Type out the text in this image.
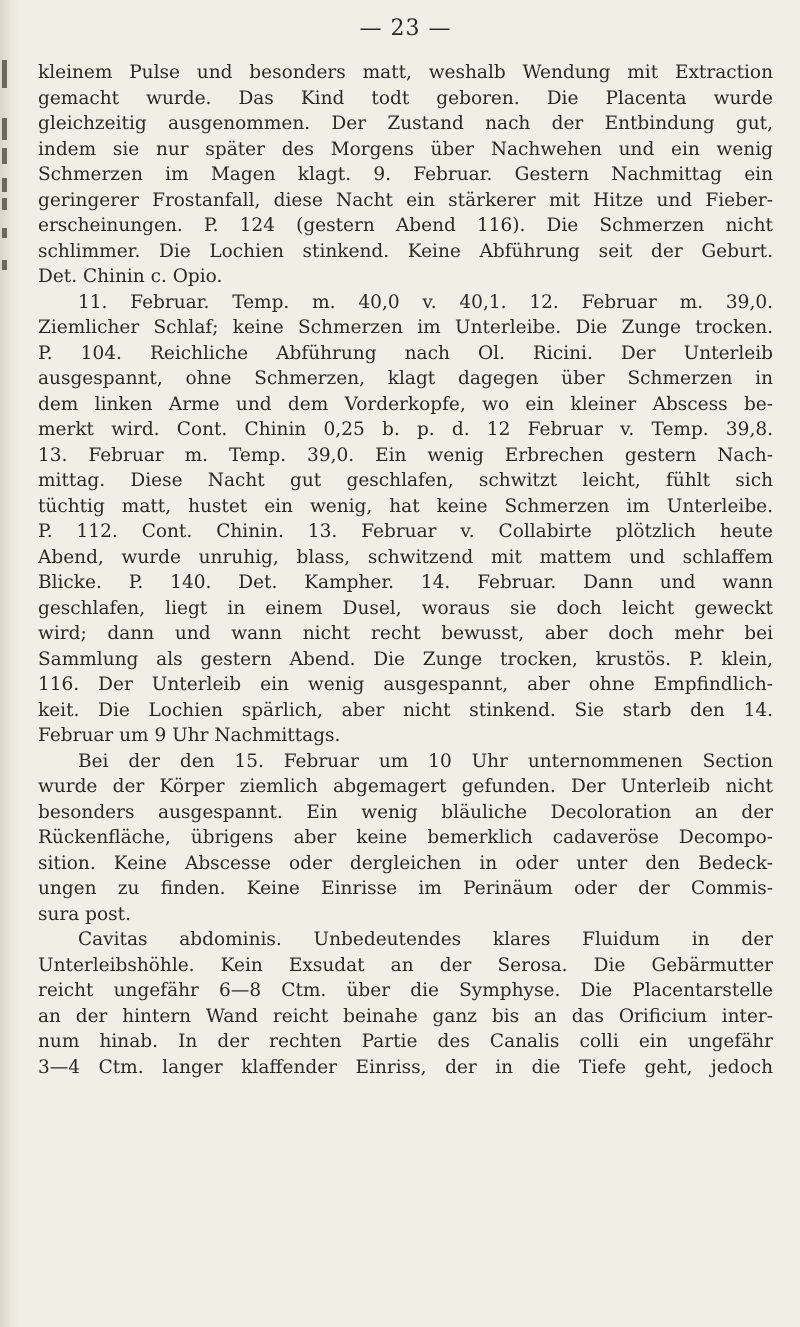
— 23 —
kleinem Pulse und besonders matt, weshalb Wendung mit Extraction
gemacht wurde. Das Kind todt geboren. Die Placenta wurde
gleichzeitig ausgenommen. Der Zustand nach der Entbindung gut,
indem sie nur später des Morgens über Nachwehen und ein wenig
Schmerzen im Magen klagt. 9. Februar. Gestern Nachmittag ein
geringerer Frostanfall, diese Nacht ein stärkerer mit Hitze und Fieber-
erscheinungen. P. 124 (gestern Abend 116). Die Schmerzen nicht
schlimmer. Die Lochien stinkend. Keine Abführung seit der Geburt.
Det. Chinin c. Opio.
11. Februar. Temp. m. 40,0 v. 40,1. 12. Februar m. 39,0.
Ziemlicher Schlaf; keine Schmerzen im Unterleibe. Die Zunge trocken.
P. 104. Reichliche Abführung nach Ol. Ricini. Der Unterleib
ausgespannt, ohne Schmerzen, klagt dagegen über Schmerzen in
dem linken Arme und dem Vorderkopfe, wo ein kleiner Abscess be-
merkt wird. Cont. Chinin 0,25 b. p. d. 12 Februar v. Temp. 39,8.
13. Februar m. Temp. 39,0. Ein wenig Erbrechen gestern Nach-
mittag. Diese Nacht gut geschlafen, schwitzt leicht, fühlt sich
tüchtig matt, hustet ein wenig, hat keine Schmerzen im Unterleibe.
P. 112. Cont. Chinin. 13. Februar v. Collabirte plötzlich heute
Abend, wurde unruhig, blass, schwitzend mit mattem und schlaffem
Blicke. P. 140. Det. Kampher. 14. Februar. Dann und wann
geschlafen, liegt in einem Dusel, woraus sie doch leicht geweckt
wird; dann und wann nicht recht bewusst, aber doch mehr bei
Sammlung als gestern Abend. Die Zunge trocken, krustös. P. klein,
116. Der Unterleib ein wenig ausgespannt, aber ohne Empfindlich-
keit. Die Lochien spärlich, aber nicht stinkend. Sie starb den 14.
Februar um 9 Uhr Nachmittags.
Bei der den 15. Februar um 10 Uhr unternommenen Section
wurde der Körper ziemlich abgemagert gefunden. Der Unterleib nicht
besonders ausgespannt. Ein wenig bläuliche Decoloration an der
Rückenfläche, übrigens aber keine bemerklich cadaveröse Decompo-
sition. Keine Abscesse oder dergleichen in oder unter den Bedeck-
ungen zu finden. Keine Einrisse im Perinäum oder der Commis-
sura post.
Cavitas abdominis. Unbedeutendes klares Fluidum in der
Unterleibshöhle. Kein Exsudat an der Serosa. Die Gebärmutter
reicht ungefähr 6—8 Ctm. über die Symphyse. Die Placentarstelle
an der hintern Wand reicht beinahe ganz bis an das Orificium inter-
num hinab. In der rechten Partie des Canalis colli ein ungefähr
3—4 Ctm. langer klaffender Einriss, der in die Tiefe geht, jedoch
